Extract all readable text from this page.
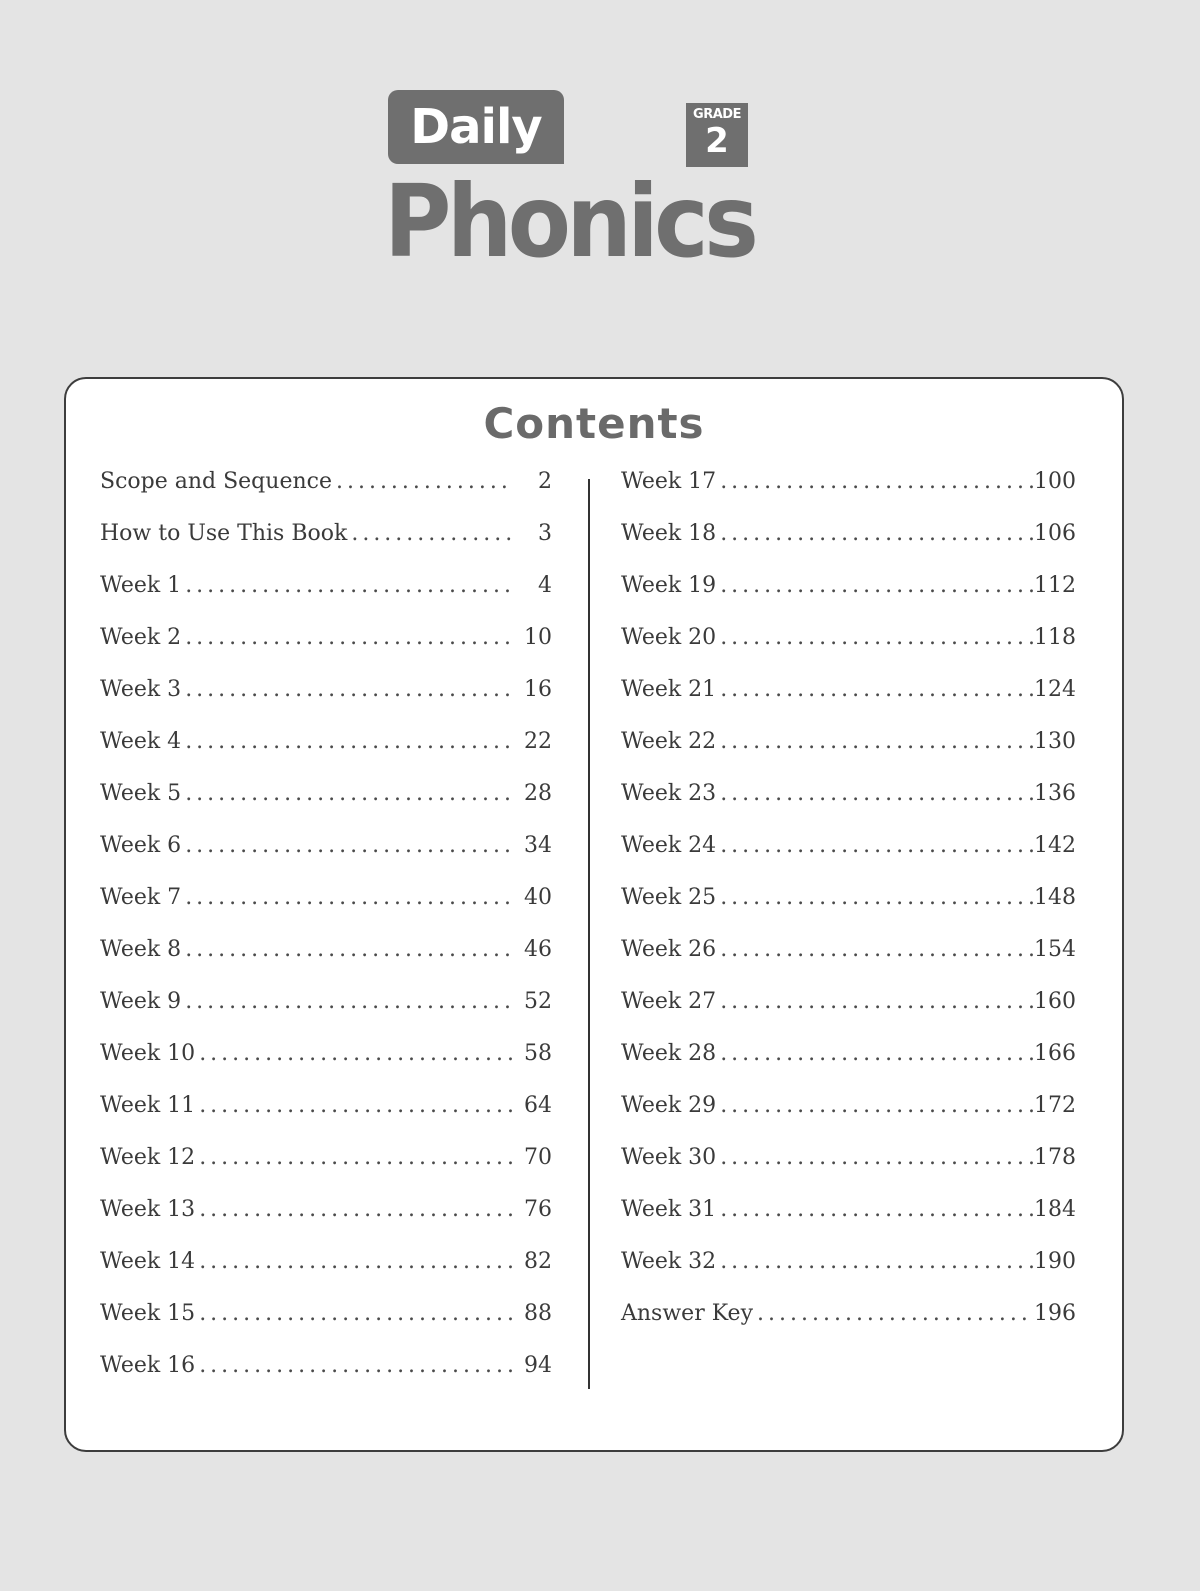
Daily	GRADE
2
Phonics
Contents
Scope and Sequence .....	2
How to Use This Book .....	3
Week 1 .....	4
Week 2 .....	10
Week 3 .....	16
Week 4 .....	22
Week 5 .....	28
Week 6 .....	34
Week 7 .....	40
Week 8 .....	46
Week 9 .....	52
Week 10 .....	58
Week 11 .....	64
Week 12 .....	70
Week 13 .....	76
Week 14 .....	82
Week 15 .....	88
Week 16 .....	94
Week 17 .....	100
Week 18 .....	106
Week 19 .....	112
Week 20 .....	118
Week 21 .....	124
Week 22 .....	130
Week 23 .....	136
Week 24 .....	142
Week 25 .....	148
Week 26 .....	154
Week 27 .....	160
Week 28 .....	166
Week 29 .....	172
Week 30 .....	178
Week 31 .....	184
Week 32 .....	190
Answer Key .....	196
